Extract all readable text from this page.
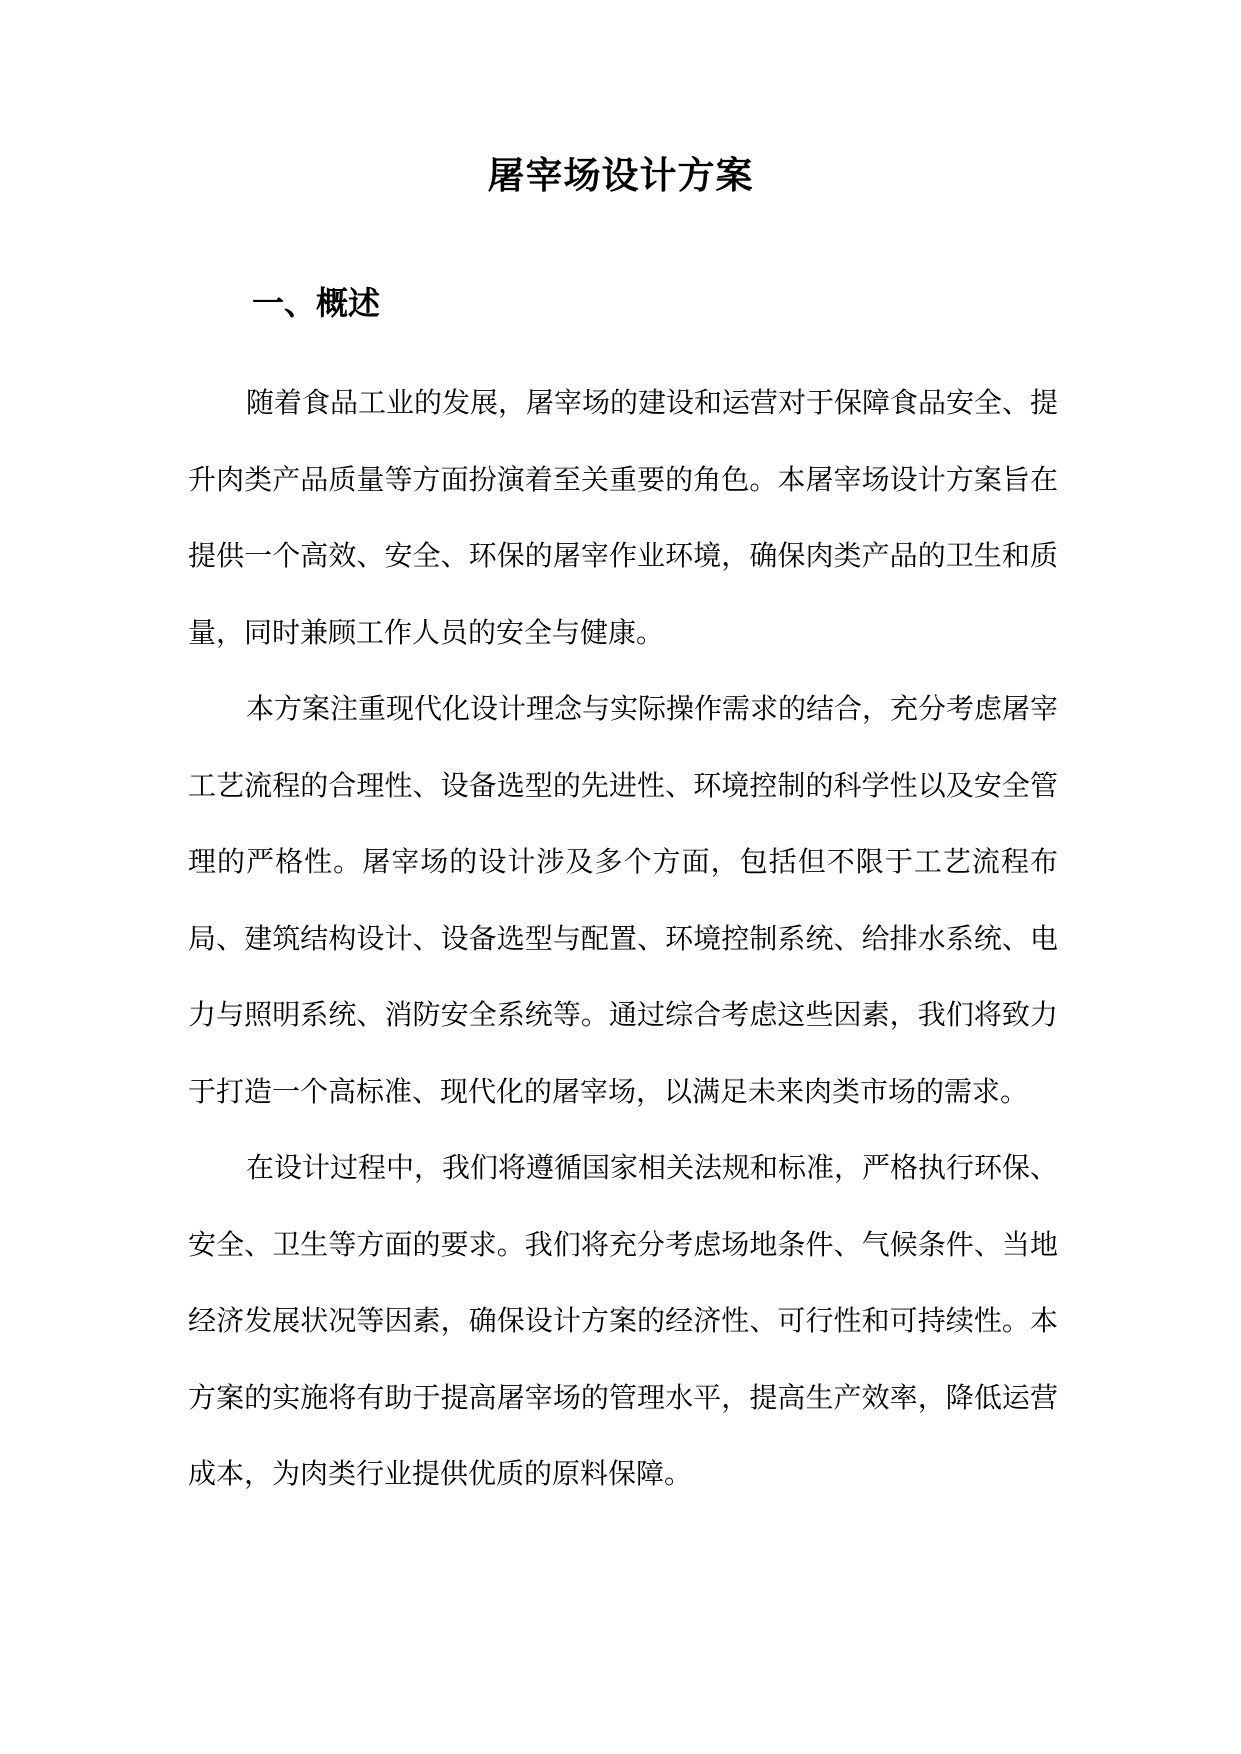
屠宰场设计方案
一、概述

随着食品工业的发展，屠宰场的建设和运营对于保障食品安全、提升肉类产品质量等方面扮演着至关重要的角色。本屠宰场设计方案旨在提供一个高效、安全、环保的屠宰作业环境，确保肉类产品的卫生和质量，同时兼顾工作人员的安全与健康。

本方案注重现代化设计理念与实际操作需求的结合，充分考虑屠宰工艺流程的合理性、设备选型的先进性、环境控制的科学性以及安全管理的严格性。屠宰场的设计涉及多个方面，包括但不限于工艺流程布局、建筑结构设计、设备选型与配置、环境控制系统、给排水系统、电力与照明系统、消防安全系统等。通过综合考虑这些因素，我们将致力于打造一个高标准、现代化的屠宰场，以满足未来肉类市场的需求。

在设计过程中，我们将遵循国家相关法规和标准，严格执行环保、安全、卫生等方面的要求。我们将充分考虑场地条件、气候条件、当地经济发展状况等因素，确保设计方案的经济性、可行性和可持续性。本方案的实施将有助于提高屠宰场的管理水平，提高生产效率，降低运营成本，为肉类行业提供优质的原料保障。
